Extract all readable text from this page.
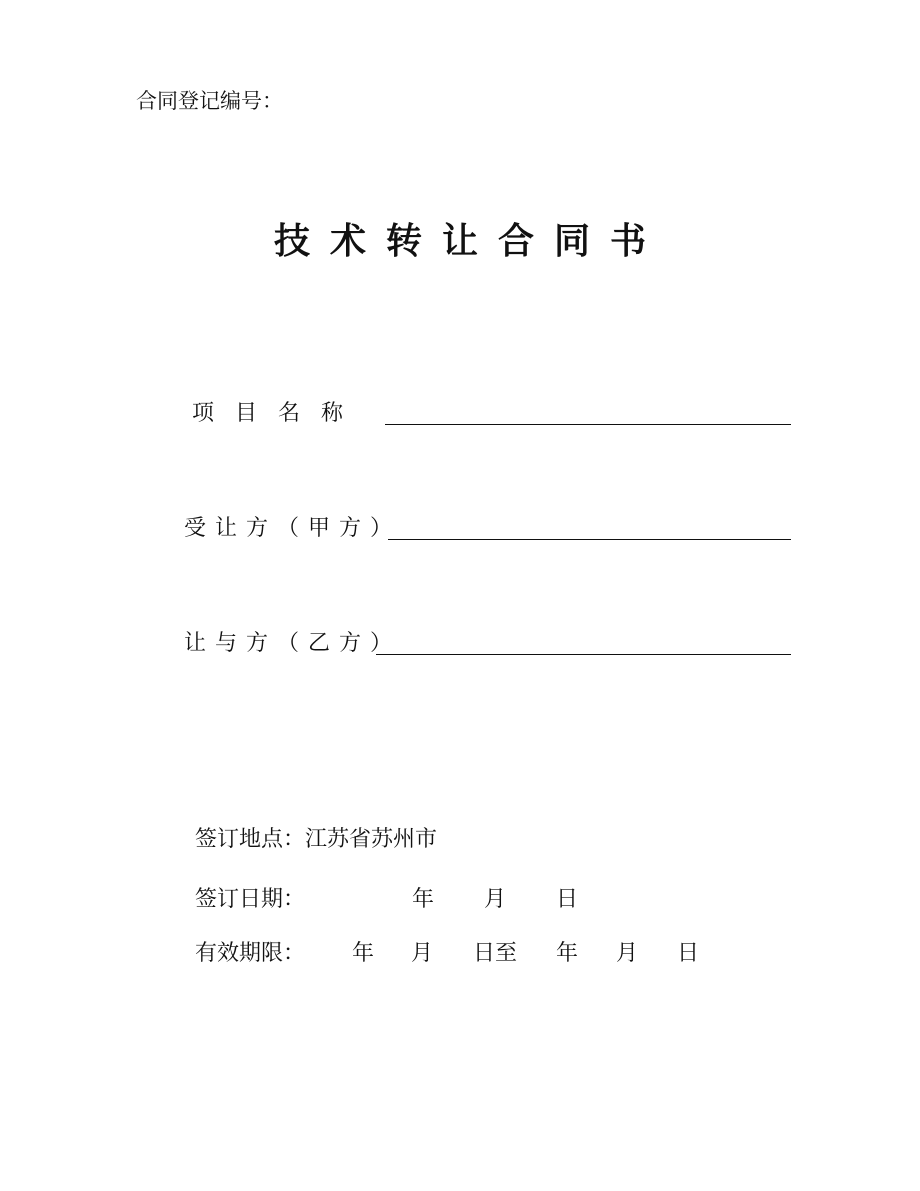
合同登记编号：
技术转让合同书
项目名称
受让方（甲方）
让与方（乙方）
签订地点：江苏省苏州市
签订日期：	年 月 日
有效期限： 年 月 日至 年 月 日
